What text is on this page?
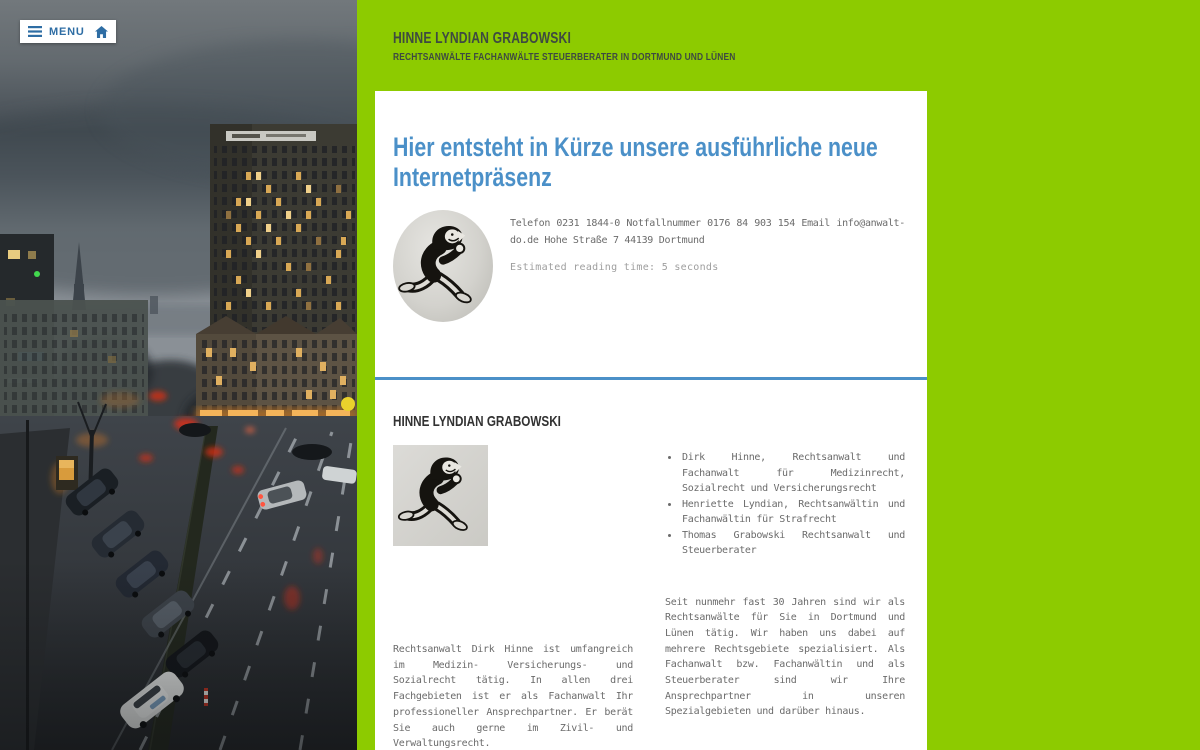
MENU	HINNE LYNDIAN GRABOWSKI
RECHTSANWÄLTE FACHANWÄLTE STEUERBERATER IN DORTMUND UND LÜNEN
Hier entsteht in Kürze unsere ausführliche neue Internetpräsenz

Telefon 0231 1844-0 Notfallnummer 0176 84 903 154 Email info@anwalt-do.de Hohe Straße 7 44139 Dortmund

Estimated reading time: 5 seconds
HINNE LYNDIAN GRABOWSKI

Rechtsanwalt Dirk Hinne ist umfangreich im Medizin- Versicherungs- und Sozialrecht tätig. In allen drei Fachgebieten ist er als Fachanwalt Ihr professioneller Ansprechpartner. Er berät Sie auch gerne im Zivil- und Verwaltungsrecht.

• Dirk Hinne, Rechtsanwalt und Fachanwalt für Medizinrecht, Sozialrecht und Versicherungsrecht
• Henriette Lyndian, Rechtsanwältin und Fachanwältin für Strafrecht
• Thomas Grabowski Rechtsanwalt und Steuerberater

Seit nunmehr fast 30 Jahren sind wir als Rechtsanwälte für Sie in Dortmund und Lünen tätig. Wir haben uns dabei auf mehrere Rechtsgebiete spezialisiert. Als Fachanwalt bzw. Fachanwältin und als Steuerberater sind wir Ihre Ansprechpartner in unseren Spezialgebieten und darüber hinaus.
